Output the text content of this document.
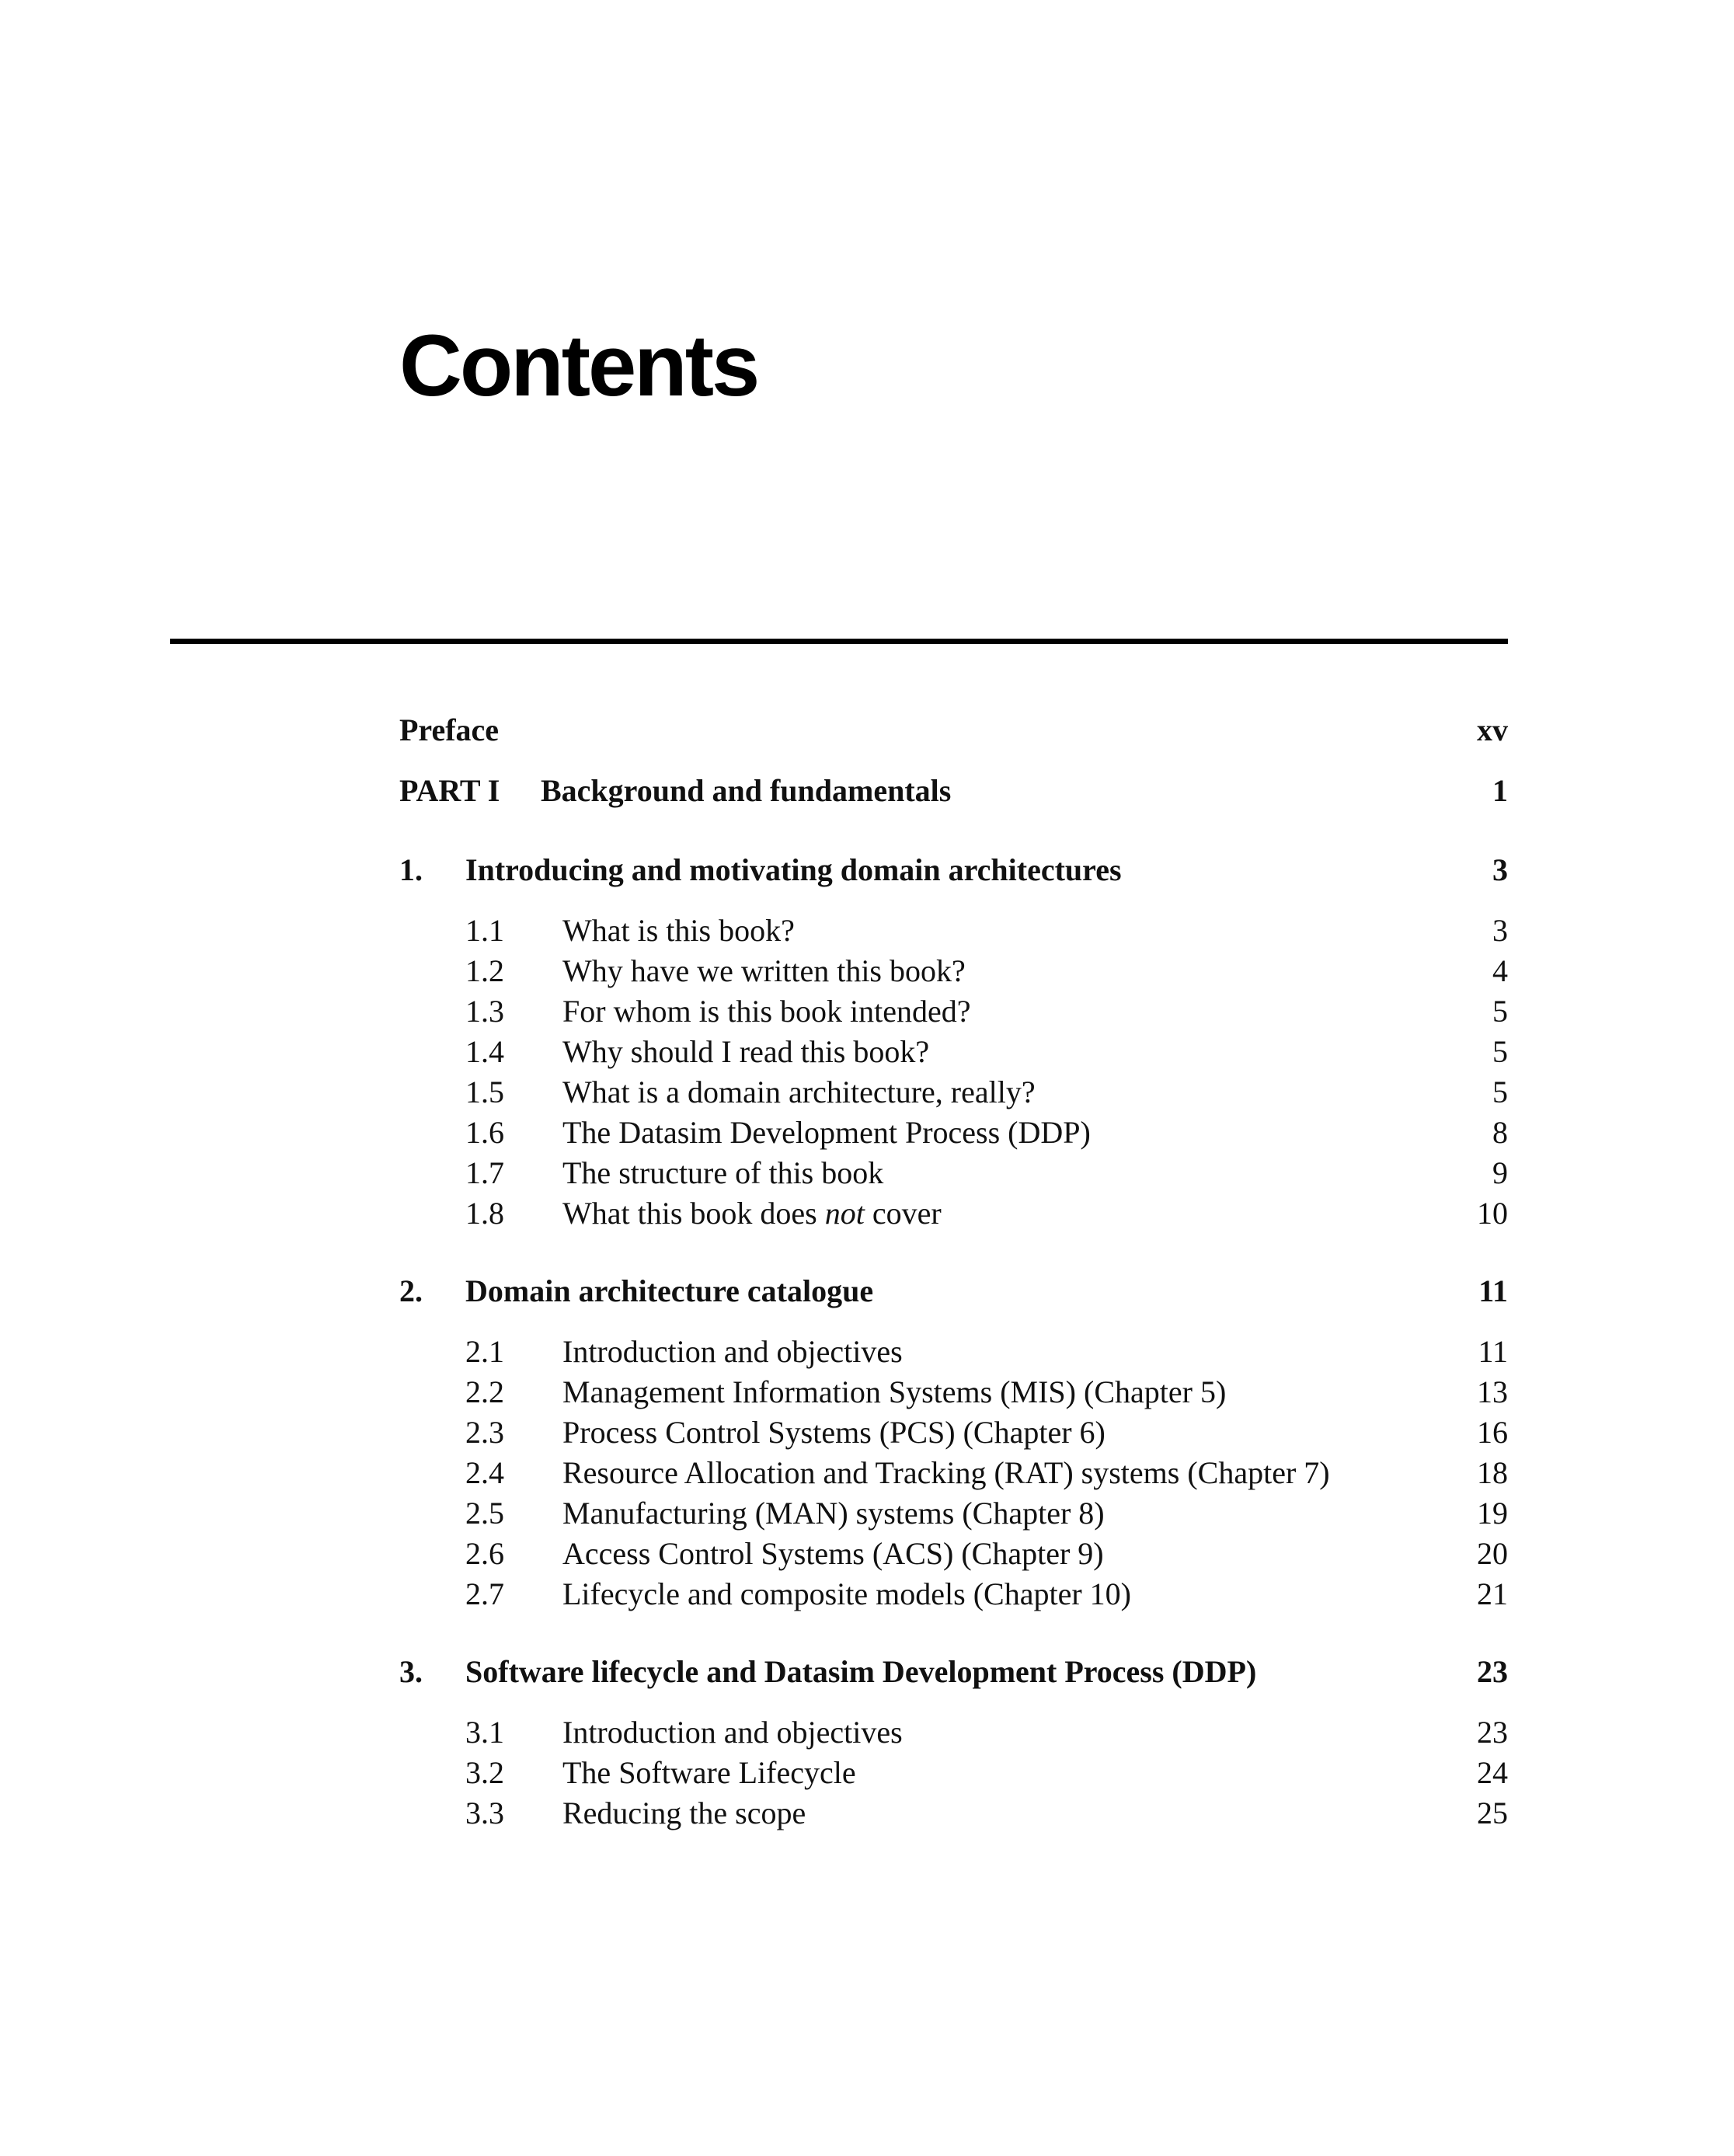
Contents
Preface	xv
PART I Background and fundamentals	1
1. Introducing and motivating domain architectures	3
1.1 What is this book?	3
1.2 Why have we written this book?	4
1.3 For whom is this book intended?	5
1.4 Why should I read this book?	5
1.5 What is a domain architecture, really?	5
1.6 The Datasim Development Process (DDP)	8
1.7 The structure of this book	9
1.8 What this book does not cover	10
2. Domain architecture catalogue	11
2.1 Introduction and objectives	11
2.2 Management Information Systems (MIS) (Chapter 5)	13
2.3 Process Control Systems (PCS) (Chapter 6)	16
2.4 Resource Allocation and Tracking (RAT) systems (Chapter 7)	18
2.5 Manufacturing (MAN) systems (Chapter 8)	19
2.6 Access Control Systems (ACS) (Chapter 9)	20
2.7 Lifecycle and composite models (Chapter 10)	21
3. Software lifecycle and Datasim Development Process (DDP)	23
3.1 Introduction and objectives	23
3.2 The Software Lifecycle	24
3.3 Reducing the scope	25
